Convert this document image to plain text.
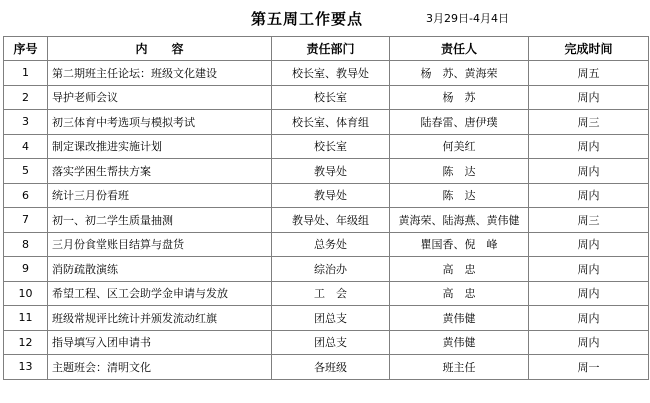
第五周工作要点	3月29日-4月4日
序号	内　　容	责任部门	责任人	完成时间
1	第二期班主任论坛：班级文化建设	校长室、教导处	杨　苏、黄海荣	周五
2	导护老师会议	校长室	杨　苏	周内
3	初三体育中考选项与模拟考试	校长室、体育组	陆春雷、唐伊璞	周三
4	制定课改推进实施计划	校长室	何美红	周内
5	落实学困生帮扶方案	教导处	陈　达	周内
6	统计三月份看班	教导处	陈　达	周内
7	初一、初二学生质量抽测	教导处、年级组	黄海荣、陆海燕、黄伟健	周三
8	三月份食堂账目结算与盘货	总务处	瞿国香、倪　峰	周内
9	消防疏散演练	综治办	高　忠	周内
10	希望工程、区工会助学金申请与发放	工　会	高　忠	周内
11	班级常规评比统计并颁发流动红旗	团总支	黄伟健	周内
12	指导填写入团申请书	团总支	黄伟健	周内
13	主题班会：清明文化	各班级	班主任	周一
